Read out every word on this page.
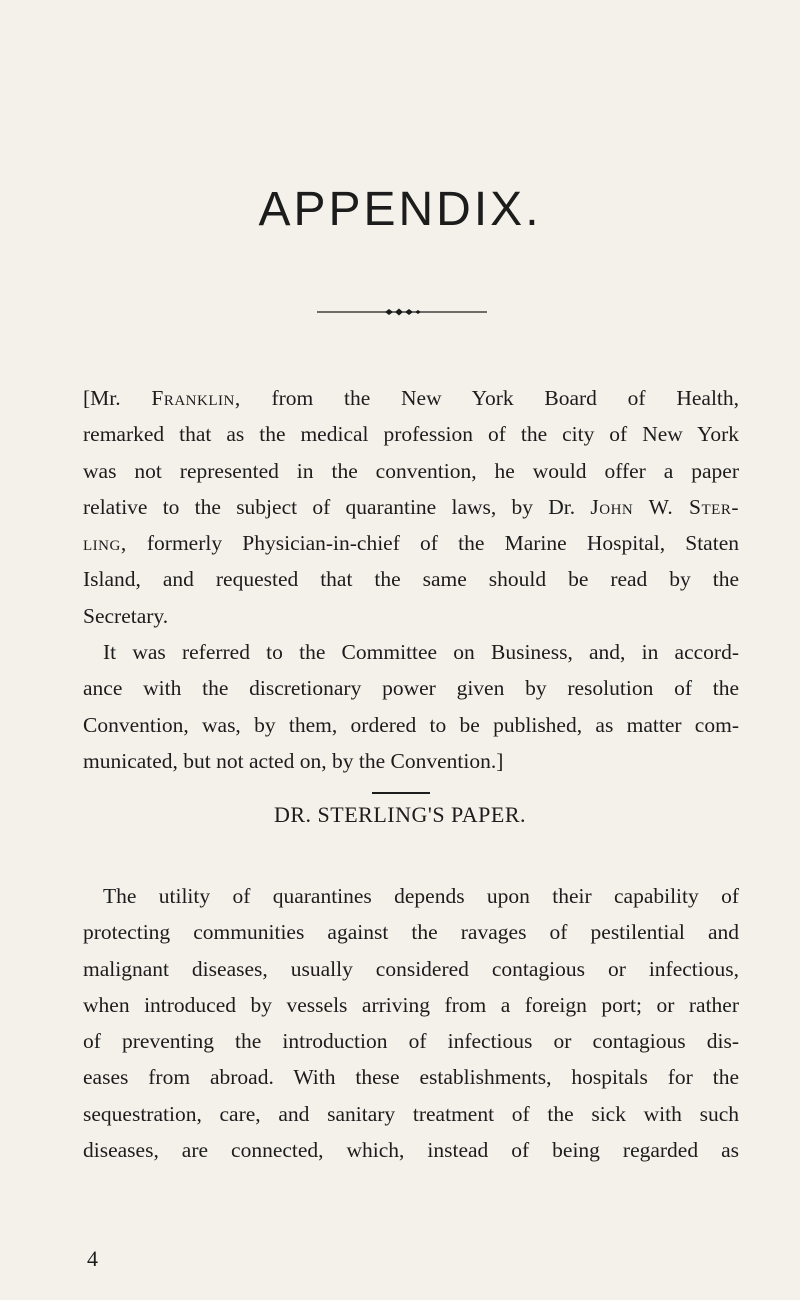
APPENDIX.
[Mr. Franklin, from the New York Board of Health,
remarked that as the medical profession of the city of New York
was not represented in the convention, he would offer a paper
relative to the subject of quarantine laws, by Dr. John W. Ster-
ling, formerly Physician-in-chief of the Marine Hospital, Staten
Island, and requested that the same should be read by the
Secretary.
It was referred to the Committee on Business, and, in accord-
ance with the discretionary power given by resolution of the
Convention, was, by them, ordered to be published, as matter com-
municated, but not acted on, by the Convention.]
DR. STERLING'S PAPER.
The utility of quarantines depends upon their capability of
protecting communities against the ravages of pestilential and
malignant diseases, usually considered contagious or infectious,
when introduced by vessels arriving from a foreign port; or rather
of preventing the introduction of infectious or contagious dis-
eases from abroad. With these establishments, hospitals for the
sequestration, care, and sanitary treatment of the sick with such
diseases, are connected, which, instead of being regarded as
4
